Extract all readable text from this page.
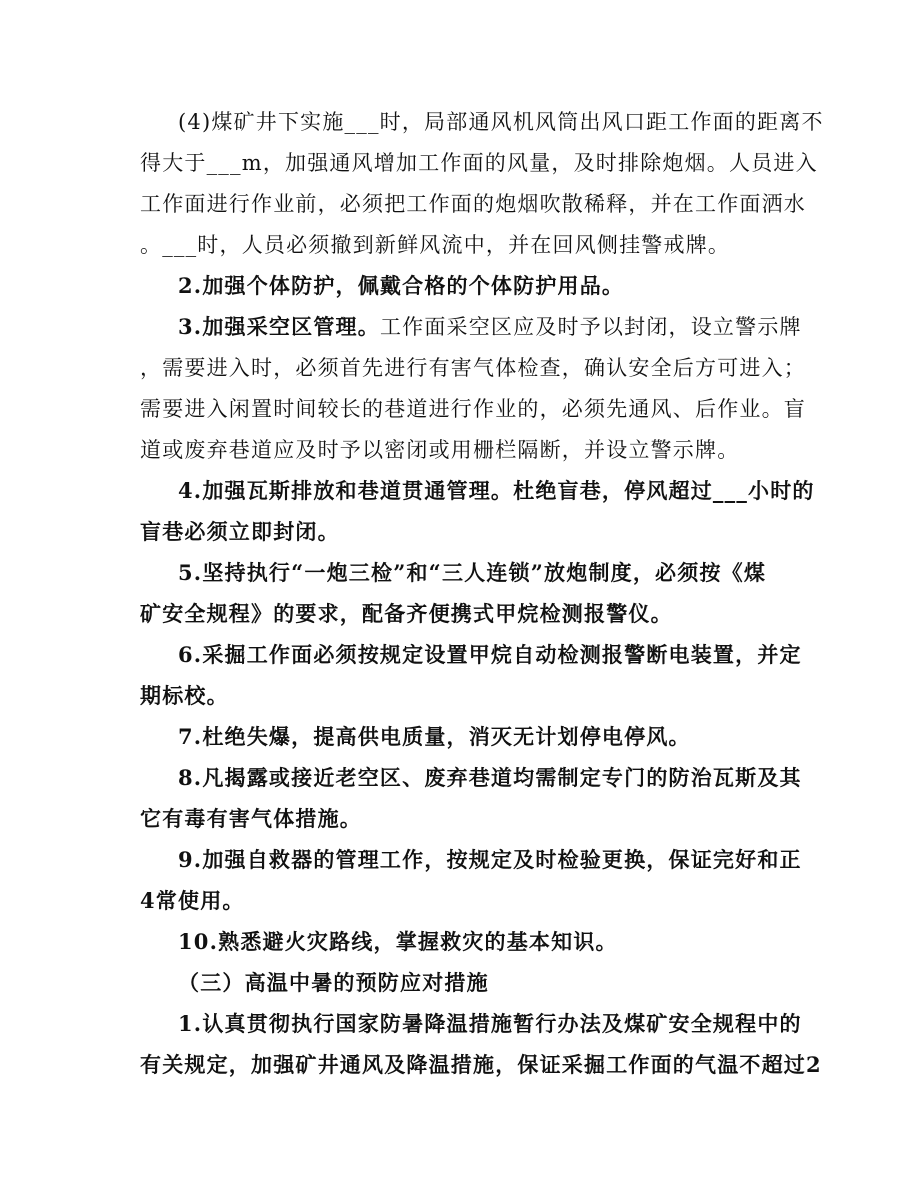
(4)煤矿井下实施___时，局部通风机风筒出风口距工作面的距离不
得大于___m，加强通风增加工作面的风量，及时排除炮烟。人员进入
工作面进行作业前，必须把工作面的炮烟吹散稀释，并在工作面洒水
。___时，人员必须撤到新鲜风流中，并在回风侧挂警戒牌。
2.加强个体防护，佩戴合格的个体防护用品。
3.加强采空区管理。工作面采空区应及时予以封闭，设立警示牌
，需要进入时，必须首先进行有害气体检查，确认安全后方可进入；
需要进入闲置时间较长的巷道进行作业的，必须先通风、后作业。盲
道或废弃巷道应及时予以密闭或用栅栏隔断，并设立警示牌。
4.加强瓦斯排放和巷道贯通管理。杜绝盲巷，停风超过___小时的
盲巷必须立即封闭。
5.坚持执行“一炮三检”和“三人连锁”放炮制度，必须按《煤
矿安全规程》的要求，配备齐便携式甲烷检测报警仪。
6.采掘工作面必须按规定设置甲烷自动检测报警断电装置，并定
期标校。
7.杜绝失爆，提高供电质量，消灭无计划停电停风。
8.凡揭露或接近老空区、废弃巷道均需制定专门的防治瓦斯及其
它有毒有害气体措施。
9.加强自救器的管理工作，按规定及时检验更换，保证完好和正
4常使用。
10.熟悉避火灾路线，掌握救灾的基本知识。
（三）高温中暑的预防应对措施
1.认真贯彻执行国家防暑降温措施暂行办法及煤矿安全规程中的
有关规定，加强矿井通风及降温措施，保证采掘工作面的气温不超过2
